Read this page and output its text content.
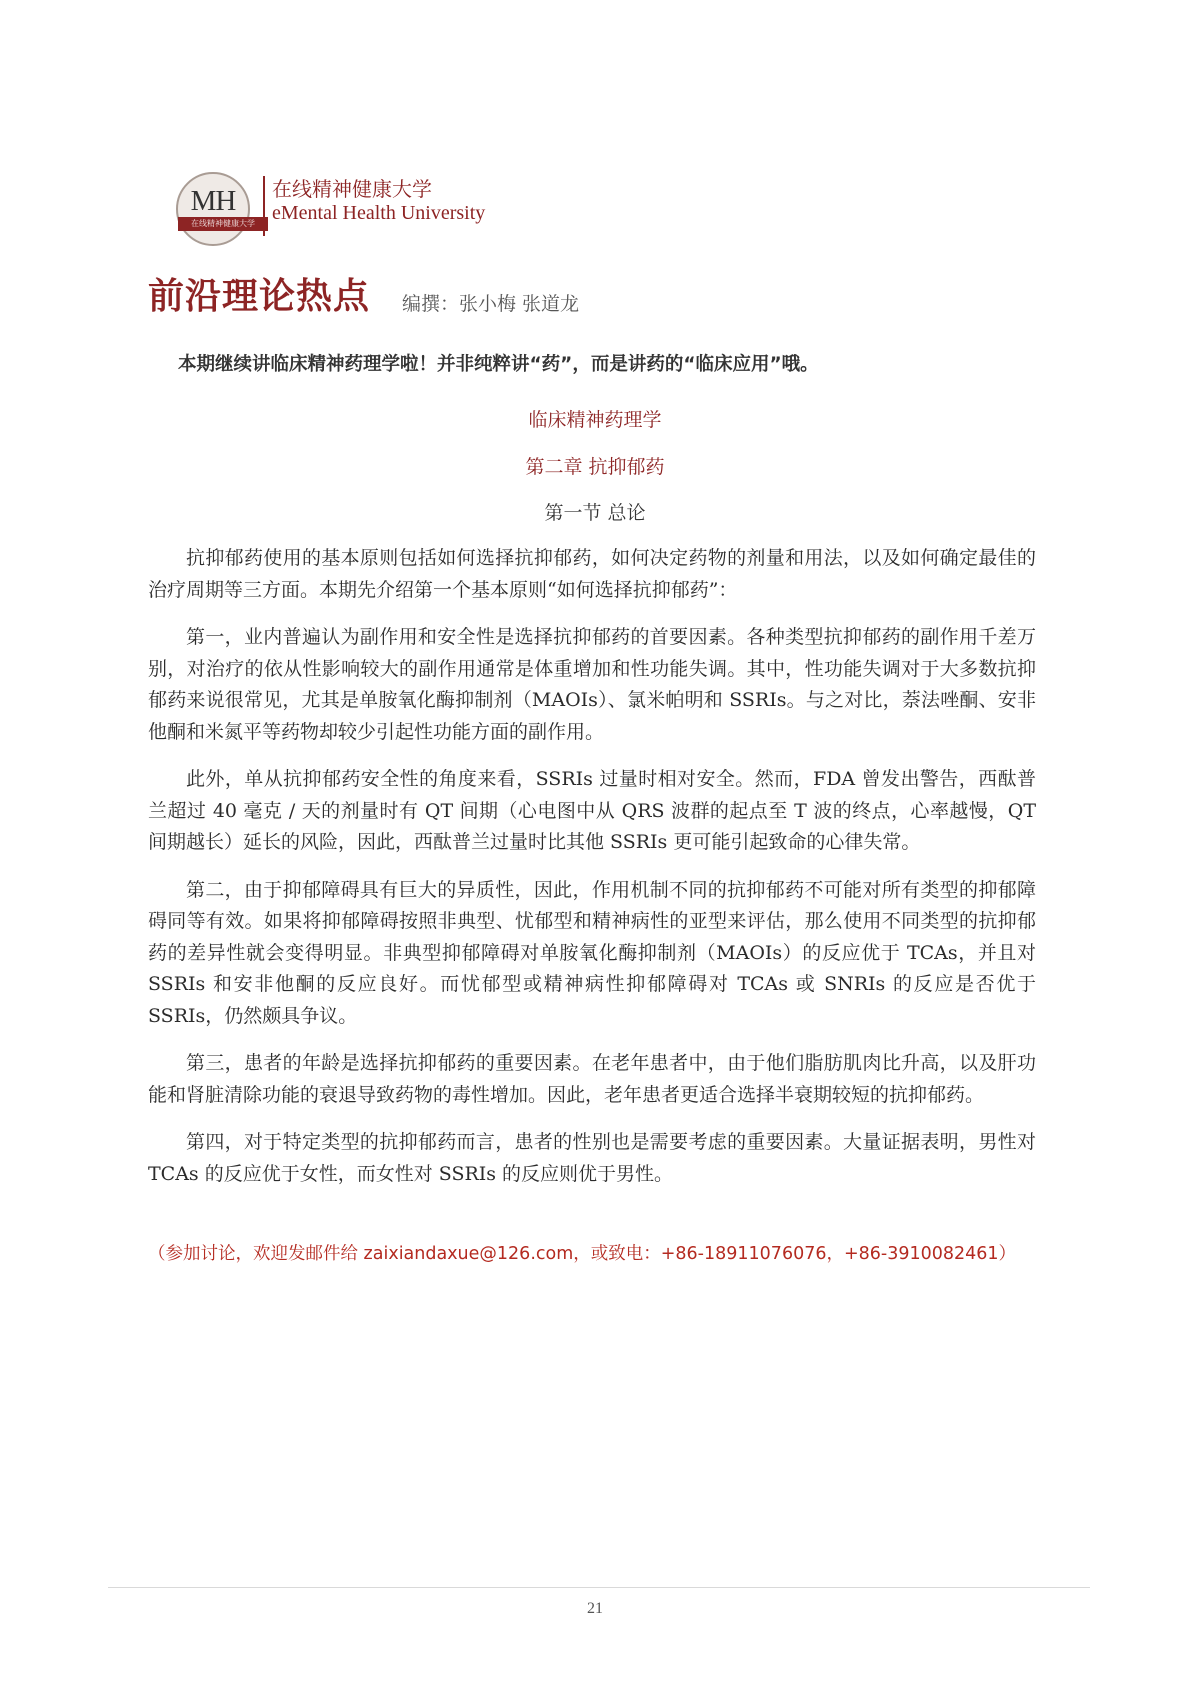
MH
在线精神健康大学
在线精神健康大学
eMental Health University
前沿理论热点 编撰：张小梅 张道龙
本期继续讲临床精神药理学啦！并非纯粹讲“药”，而是讲药的“临床应用”哦。
临床精神药理学
第二章 抗抑郁药
第一节 总论

抗抑郁药使用的基本原则包括如何选择抗抑郁药，如何决定药物的剂量和用法，以及如何确定最佳的治疗周期等三方面。本期先介绍第一个基本原则“如何选择抗抑郁药”：

第一，业内普遍认为副作用和安全性是选择抗抑郁药的首要因素。各种类型抗抑郁药的副作用千差万别，对治疗的依从性影响较大的副作用通常是体重增加和性功能失调。其中，性功能失调对于大多数抗抑郁药来说很常见，尤其是单胺氧化酶抑制剂（MAOIs）、氯米帕明和 SSRIs。与之对比，萘法唑酮、安非他酮和米氮平等药物却较少引起性功能方面的副作用。

此外，单从抗抑郁药安全性的角度来看，SSRIs 过量时相对安全。然而，FDA 曾发出警告，西酞普兰超过 40 毫克 / 天的剂量时有 QT 间期（心电图中从 QRS 波群的起点至 T 波的终点，心率越慢，QT 间期越长）延长的风险，因此，西酞普兰过量时比其他 SSRIs 更可能引起致命的心律失常。

第二，由于抑郁障碍具有巨大的异质性，因此，作用机制不同的抗抑郁药不可能对所有类型的抑郁障碍同等有效。如果将抑郁障碍按照非典型、忧郁型和精神病性的亚型来评估，那么使用不同类型的抗抑郁药的差异性就会变得明显。非典型抑郁障碍对单胺氧化酶抑制剂（MAOIs）的反应优于 TCAs，并且对 SSRIs 和安非他酮的反应良好。而忧郁型或精神病性抑郁障碍对 TCAs 或 SNRIs 的反应是否优于 SSRIs，仍然颇具争议。

第三，患者的年龄是选择抗抑郁药的重要因素。在老年患者中，由于他们脂肪肌肉比升高，以及肝功能和肾脏清除功能的衰退导致药物的毒性增加。因此，老年患者更适合选择半衰期较短的抗抑郁药。

第四，对于特定类型的抗抑郁药而言，患者的性别也是需要考虑的重要因素。大量证据表明，男性对 TCAs 的反应优于女性，而女性对 SSRIs 的反应则优于男性。

（参加讨论，欢迎发邮件给 zaixiandaxue@126.com，或致电：+86-18911076076，+86-3910082461）
21
